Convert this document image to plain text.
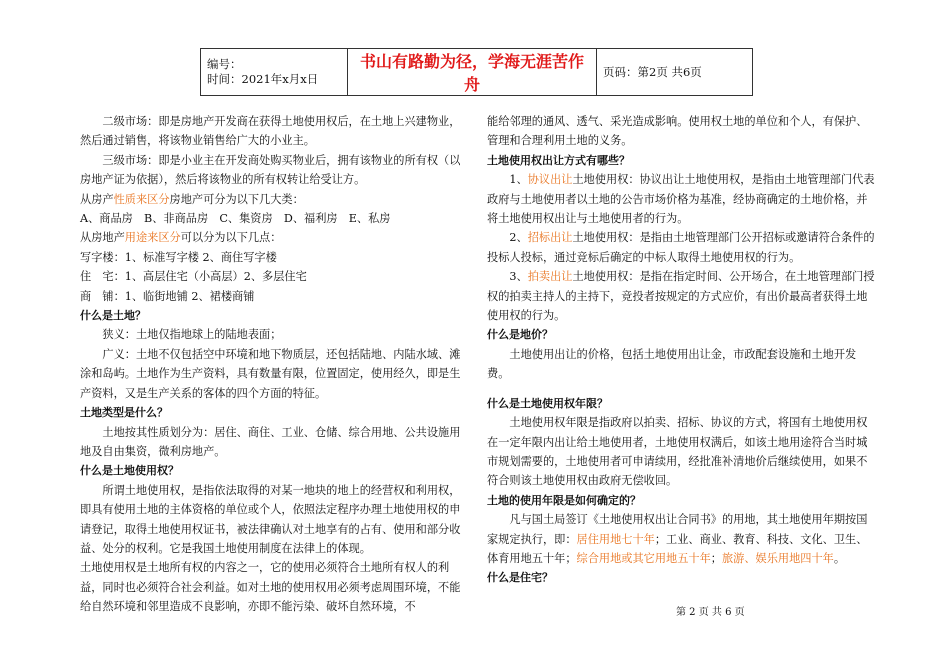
编号：
时间：2021年x月x日
	书山有路勤为径，学海无涯苦作舟	页码：第2页 共6页

二级市场：即是房地产开发商在获得土地使用权后，在土地上兴建物业，然后通过销售，将该物业销售给广大的小业主。

三级市场：即是小业主在开发商处购买物业后，拥有该物业的所有权（以房地产证为依据），然后将该物业的所有权转让给受让方。

从房产性质来区分房地产可分为以下几大类：

A、商品房　B、非商品房　C、集资房　D、福利房　E、私房

从房地产用途来区分可以分为以下几点：

写字楼：1、标准写字楼 2、商住写字楼

住　宅：1、高层住宅（小高层）2、多层住宅

商　铺：1、临街地铺 2、裙楼商铺

什么是土地？

狭义：土地仅指地球上的陆地表面；

广义：土地不仅包括空中环境和地下物质层，还包括陆地、内陆水域、滩涂和岛屿。土地作为生产资料，具有数量有限，位置固定，使用经久，即是生产资料，又是生产关系的客体的四个方面的特征。

土地类型是什么？

土地按其性质划分为：居住、商住、工业、仓储、综合用地、公共设施用地及自由集资，微利房地产。

什么是土地使用权？

所谓土地使用权，是指依法取得的对某一地块的地上的经营权和利用权，即具有使用土地的主体资格的单位或个人，依照法定程序办理土地使用权的申请登记，取得土地使用权证书，被法律确认对土地享有的占有、使用和部分收益、处分的权利。它是我国土地使用制度在法律上的体现。

土地使用权是土地所有权的内容之一，它的使用必须符合土地所有权人的利益，同时也必须符合社会利益。如对土地的使用权用必须考虑周围环境，不能给自然环境和邻里造成不良影响，亦即不能污染、破坏自然环境，不

能给邻理的通风、透气、采光造成影响。使用权土地的单位和个人，有保护、管理和合理利用土地的义务。

土地使用权出让方式有哪些？

1、协议出让土地使用权：协议出让土地使用权，是指由土地管理部门代表政府与土地使用者以土地的公告市场价格为基准，经协商确定的土地价格，并将土地使用权出让与土地使用者的行为。

2、招标出让土地使用权：是指由土地管理部门公开招标或邀请符合条件的投标人投标，通过竞标后确定的中标人取得土地使用权的行为。

3、拍卖出让土地使用权：是指在指定时间、公开场合，在土地管理部门授权的拍卖主持人的主持下，竞投者按规定的方式应价，有出价最高者获得土地使用权的行为。

什么是地价？

土地使用出让的价格，包括土地使用出让金，市政配套设施和土地开发费。

什么是土地使用权年限？

土地使用权年限是指政府以拍卖、招标、协议的方式，将国有土地使用权在一定年限内出让给土地使用者，土地使用权满后，如该土地用途符合当时城市规划需要的，土地使用者可申请续用，经批准补清地价后继续使用，如果不符合则该土地使用权由政府无偿收回。

土地的使用年限是如何确定的？

凡与国土局签订《土地使用权出让合同书》的用地，其土地使用年期按国家规定执行，即：居住用地七十年；工业、商业、教育、科技、文化、卫生、体育用地五十年；综合用地或其它用地五十年；旅游、娱乐用地四十年。

什么是住宅？

第 2 页 共 6 页
